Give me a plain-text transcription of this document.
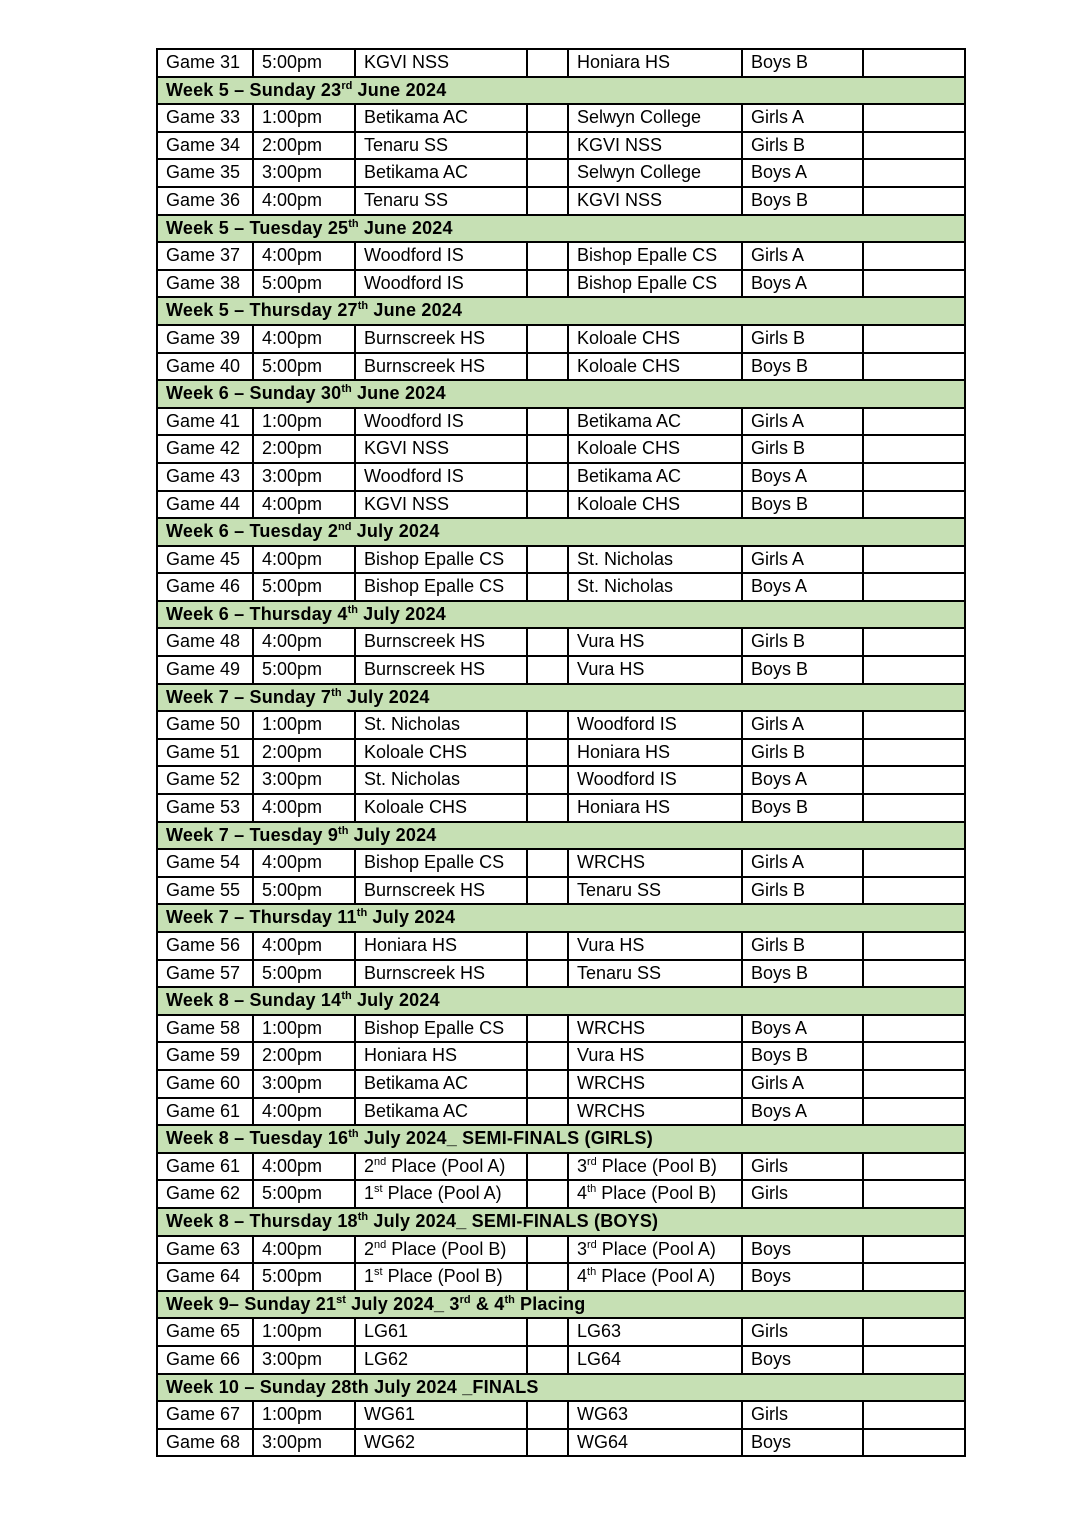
Game 31	5:00pm	KGVI NSS		Honiara HS	Boys B	
Week 5 – Sunday 23rd June 2024						
Game 33	1:00pm	Betikama AC		Selwyn College	Girls A	
Game 34	2:00pm	Tenaru SS		KGVI NSS	Girls B	
Game 35	3:00pm	Betikama AC		Selwyn College	Boys A	
Game 36	4:00pm	Tenaru SS		KGVI NSS	Boys B	
Week 5 – Tuesday 25th June 2024						
Game 37	4:00pm	Woodford IS		Bishop Epalle CS	Girls A	
Game 38	5:00pm	Woodford IS		Bishop Epalle CS	Boys A	
Week 5 – Thursday 27th June 2024						
Game 39	4:00pm	Burnscreek HS		Koloale CHS	Girls B	
Game 40	5:00pm	Burnscreek HS		Koloale CHS	Boys B	
Week 6 – Sunday 30th June 2024						
Game 41	1:00pm	Woodford IS		Betikama AC	Girls A	
Game 42	2:00pm	KGVI NSS		Koloale CHS	Girls B	
Game 43	3:00pm	Woodford IS		Betikama AC	Boys A	
Game 44	4:00pm	KGVI NSS		Koloale CHS	Boys B	
Week 6 – Tuesday 2nd July 2024						
Game 45	4:00pm	Bishop Epalle CS		St. Nicholas	Girls A	
Game 46	5:00pm	Bishop Epalle CS		St. Nicholas	Boys A	
Week 6 – Thursday 4th July 2024						
Game 48	4:00pm	Burnscreek HS		Vura HS	Girls B	
Game 49	5:00pm	Burnscreek HS		Vura HS	Boys B	
Week 7 – Sunday 7th July 2024						
Game 50	1:00pm	St. Nicholas		Woodford IS	Girls A	
Game 51	2:00pm	Koloale CHS		Honiara HS	Girls B	
Game 52	3:00pm	St. Nicholas		Woodford IS	Boys A	
Game 53	4:00pm	Koloale CHS		Honiara HS	Boys B	
Week 7 – Tuesday 9th July 2024						
Game 54	4:00pm	Bishop Epalle CS		WRCHS	Girls A	
Game 55	5:00pm	Burnscreek HS		Tenaru SS	Girls B	
Week 7 – Thursday 11th July 2024						
Game 56	4:00pm	Honiara HS		Vura HS	Girls B	
Game 57	5:00pm	Burnscreek HS		Tenaru SS	Boys B	
Week 8 – Sunday 14th July 2024						
Game 58	1:00pm	Bishop Epalle CS		WRCHS	Boys A	
Game 59	2:00pm	Honiara HS		Vura HS	Boys B	
Game 60	3:00pm	Betikama AC		WRCHS	Girls A	
Game 61	4:00pm	Betikama AC		WRCHS	Boys A	
Week 8 – Tuesday 16th July 2024_ SEMI-FINALS (GIRLS)						
Game 61	4:00pm	2nd Place (Pool A)		3rd Place (Pool B)	Girls	
Game 62	5:00pm	1st Place (Pool A)		4th Place (Pool B)	Girls	
Week 8 – Thursday 18th July 2024_ SEMI-FINALS (BOYS)						
Game 63	4:00pm	2nd Place (Pool B)		3rd Place (Pool A)	Boys	
Game 64	5:00pm	1st Place (Pool B)		4th Place (Pool A)	Boys	
Week 9– Sunday 21st July 2024_ 3rd & 4th Placing						
Game 65	1:00pm	LG61		LG63	Girls	
Game 66	3:00pm	LG62		LG64	Boys	
Week 10 – Sunday 28th July 2024 _FINALS						
Game 67	1:00pm	WG61		WG63	Girls	
Game 68	3:00pm	WG62		WG64	Boys	
